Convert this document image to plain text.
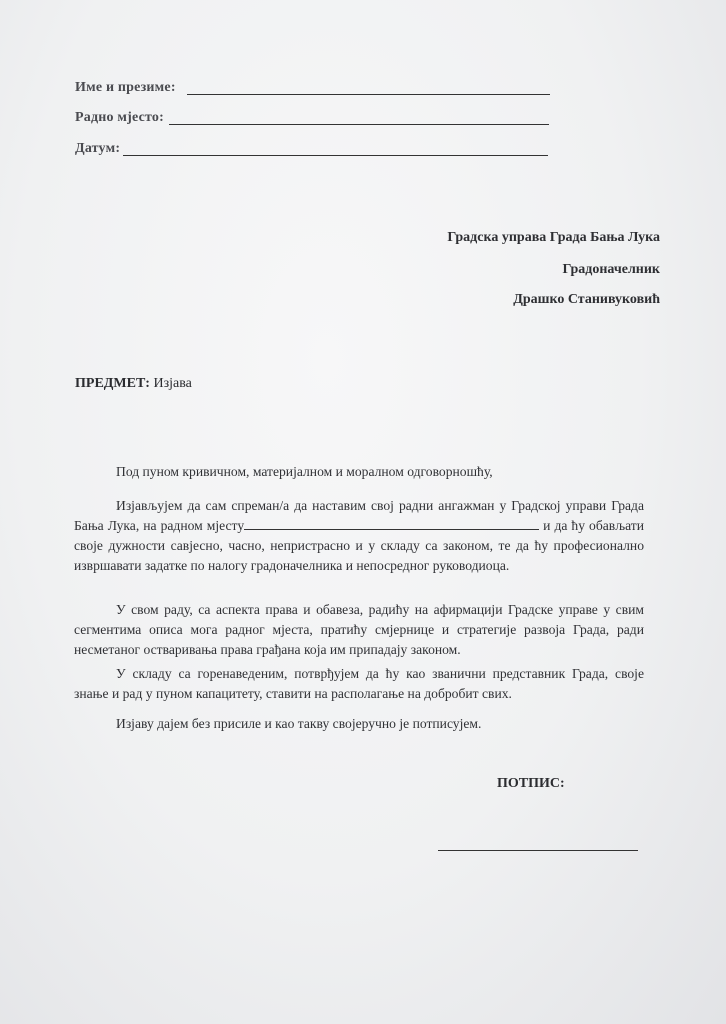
Име и презиме:
Радно мјесто:
Датум:
Градска управа Града Бања Лука
Градоначелник
Драшко Станивуковић
ПРЕДМЕТ: Изјава
Под пуном кривичном, материјалном и моралном одговорношћу,
Изјављујем да сам спреман/а да наставим свој радни ангажман у Градској управи Града Бања Лука, на радном мјесту	и да ћу обављати своје дужности савјесно, часно, непристрасно и у складу са законом, те да ћу професионално извршавати задатке по налогу градоначелника и непосредног руководиоца.
У свом раду, са аспекта права и обавеза, радићу на афирмацији Градске управе у свим сегментима описа мога радног мјеста, пратићу смјернице и стратегије развоја Града, ради несметаног остваривања права грађана која им припадају законом.
У складу са горенаведеним, потврђујем да ћу као званични представник Града, своје знање и рад у пуном капацитету, ставити на располагање на добробит свих.
Изјаву дајем без присиле и као такву својеручно је потписујем.
ПОТПИС:
